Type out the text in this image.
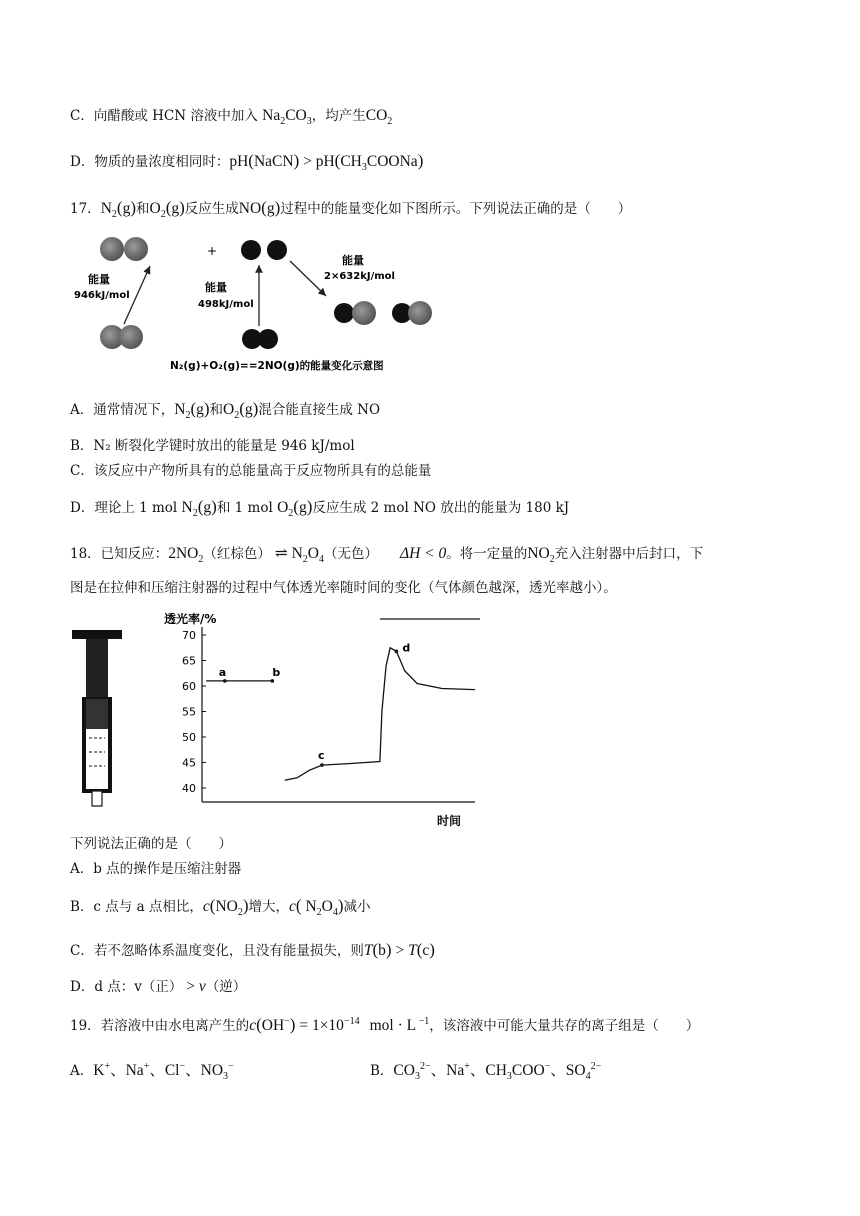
C．向醋酸或 HCN 溶液中加入 $Na_2CO_3$，均产生$CO_2$
D．物质的量浓度相同时：pH(NaCN) > $pH(CH_3COONa)$
17．$N_2(g)$和$O_2(g)$反应生成NO(g)过程中的能量变化如下图所示。下列说法正确的是（　　）
能量
946kJ/mol
+
能量
498kJ/mol
能量
2×632kJ/mol
N₂(g)+O₂(g)==2NO(g)的能量变化示意图
A．通常情况下，$N_2(g)$和$O_2(g)$混合能直接生成 NO
B．N₂ 断裂化学键时放出的能量是 946 kJ/mol
C．该反应中产物所具有的总能量高于反应物所具有的总能量
D．理论上 1 mol $N_2(g)$和 1 mol $O_2(g)$反应生成 2 mol NO 放出的能量为 180 kJ
18．已知反应：$2NO_2$（红棕色） ⇌ $N_2O_4$（无色） ΔH < 0。将一定量的$NO_2$充入注射器中后封口，下
图是在拉伸和压缩注射器的过程中气体透光率随时间的变化（气体颜色越深，透光率越小）。
透光率/%
时间
70
65
60
55
50
45
40
a	b
c
d
下列说法正确的是（　　）
A．b 点的操作是压缩注射器
B．c 点与 a 点相比，$c(NO_2)$增大，c( $N_2O_4$)减小
C．若不忽略体系温度变化，且没有能量损失，则T(b) > T(c)
D．d 点：v（正） > v（逆）
19．若溶液中由水电离产生的$c(OH^-) = 1\times 10^{-14}$ mol · L $^{-1}$，该溶液中可能大量共存的离子组是（　　）
A．K+、Na+、Cl−、$NO_3^-$	B．$CO_3^{2-}$、Na+、$CH_3COO^-$、$SO_4^{2-}$
